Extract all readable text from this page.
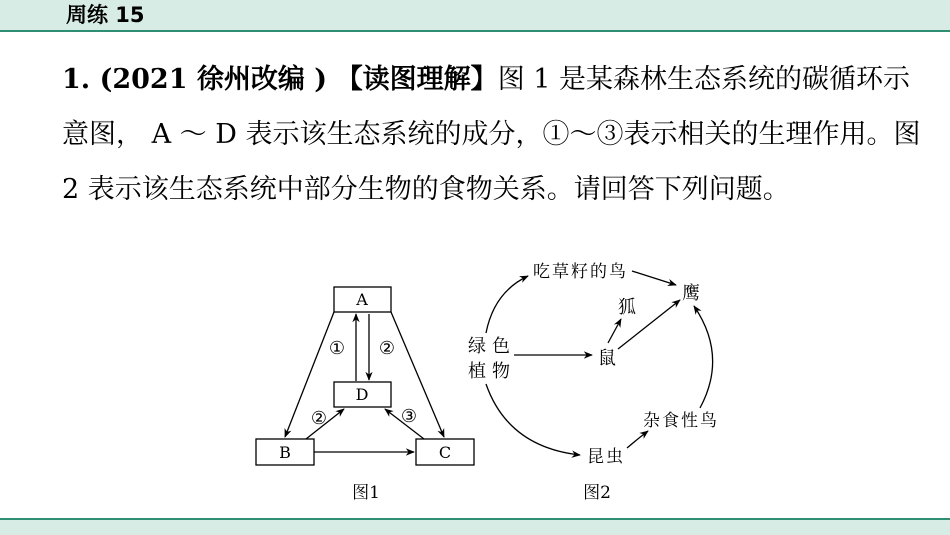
周练 15
1. (2021 徐州改编 ) 【读图理解】图 1 是某森林生态系统的碳循环示意图， A ～ D 表示该生态系统的成分，①～③表示相关的生理作用。图 2 表示该生态系统中部分生物的食物关系。请回答下列问题。
A
D
B	C
① ②
②	③
图1
绿色
植物
吃草籽的鸟
鹰
狐
鼠
杂食性鸟
昆虫
图2
